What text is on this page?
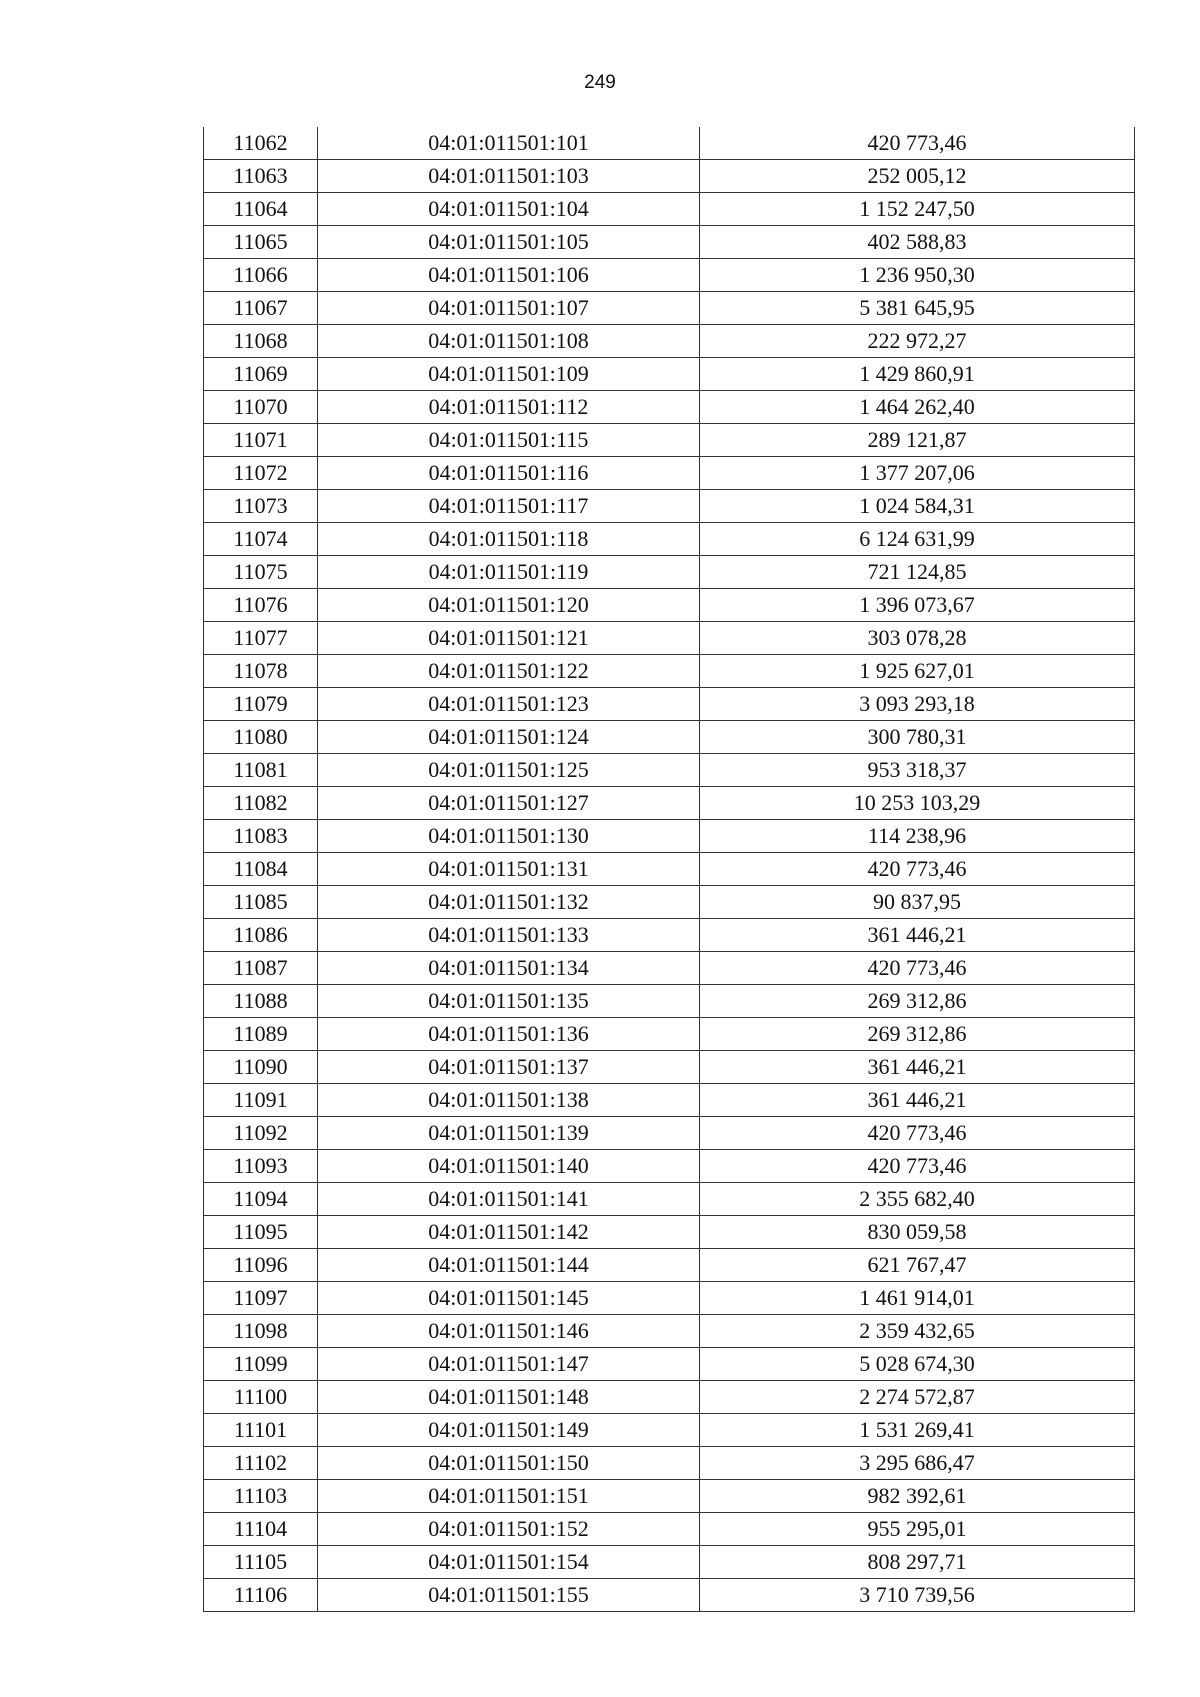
249
11062	04:01:011501:101	420 773,46
11063	04:01:011501:103	252 005,12
11064	04:01:011501:104	1 152 247,50
11065	04:01:011501:105	402 588,83
11066	04:01:011501:106	1 236 950,30
11067	04:01:011501:107	5 381 645,95
11068	04:01:011501:108	222 972,27
11069	04:01:011501:109	1 429 860,91
11070	04:01:011501:112	1 464 262,40
11071	04:01:011501:115	289 121,87
11072	04:01:011501:116	1 377 207,06
11073	04:01:011501:117	1 024 584,31
11074	04:01:011501:118	6 124 631,99
11075	04:01:011501:119	721 124,85
11076	04:01:011501:120	1 396 073,67
11077	04:01:011501:121	303 078,28
11078	04:01:011501:122	1 925 627,01
11079	04:01:011501:123	3 093 293,18
11080	04:01:011501:124	300 780,31
11081	04:01:011501:125	953 318,37
11082	04:01:011501:127	10 253 103,29
11083	04:01:011501:130	114 238,96
11084	04:01:011501:131	420 773,46
11085	04:01:011501:132	90 837,95
11086	04:01:011501:133	361 446,21
11087	04:01:011501:134	420 773,46
11088	04:01:011501:135	269 312,86
11089	04:01:011501:136	269 312,86
11090	04:01:011501:137	361 446,21
11091	04:01:011501:138	361 446,21
11092	04:01:011501:139	420 773,46
11093	04:01:011501:140	420 773,46
11094	04:01:011501:141	2 355 682,40
11095	04:01:011501:142	830 059,58
11096	04:01:011501:144	621 767,47
11097	04:01:011501:145	1 461 914,01
11098	04:01:011501:146	2 359 432,65
11099	04:01:011501:147	5 028 674,30
11100	04:01:011501:148	2 274 572,87
11101	04:01:011501:149	1 531 269,41
11102	04:01:011501:150	3 295 686,47
11103	04:01:011501:151	982 392,61
11104	04:01:011501:152	955 295,01
11105	04:01:011501:154	808 297,71
11106	04:01:011501:155	3 710 739,56
